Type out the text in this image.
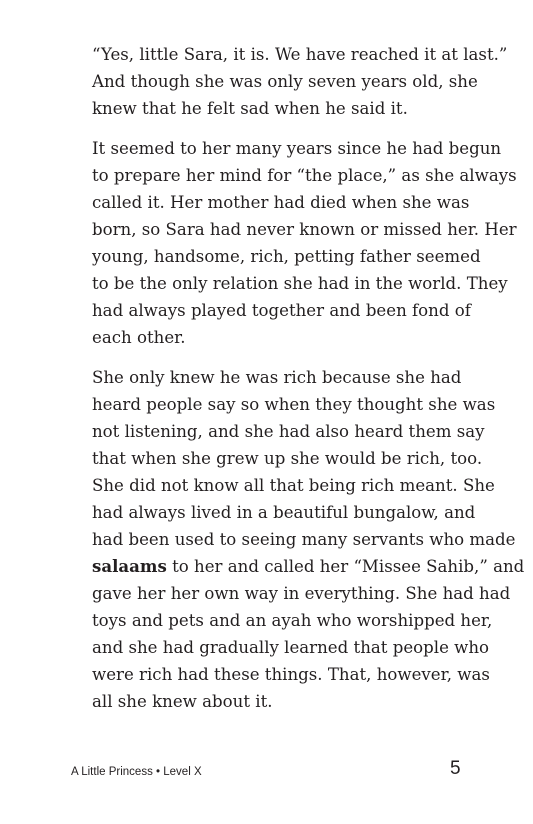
“Yes, little Sara, it is. We have reached it at last.”
And though she was only seven years old, she
knew that he felt sad when he said it.

It seemed to her many years since he had begun
to prepare her mind for “the place,” as she always
called it. Her mother had died when she was
born, so Sara had never known or missed her. Her
young, handsome, rich, petting father seemed
to be the only relation she had in the world. They
had always played together and been fond of
each other.

She only knew he was rich because she had
heard people say so when they thought she was
not listening, and she had also heard them say
that when she grew up she would be rich, too.
She did not know all that being rich meant. She
had always lived in a beautiful bungalow, and
had been used to seeing many servants who made
salaams to her and called her “Missee Sahib,” and
gave her her own way in everything. She had had
toys and pets and an ayah who worshipped her,
and she had gradually learned that people who
were rich had these things. That, however, was
all she knew about it.

A Little Princess • Level X	5
